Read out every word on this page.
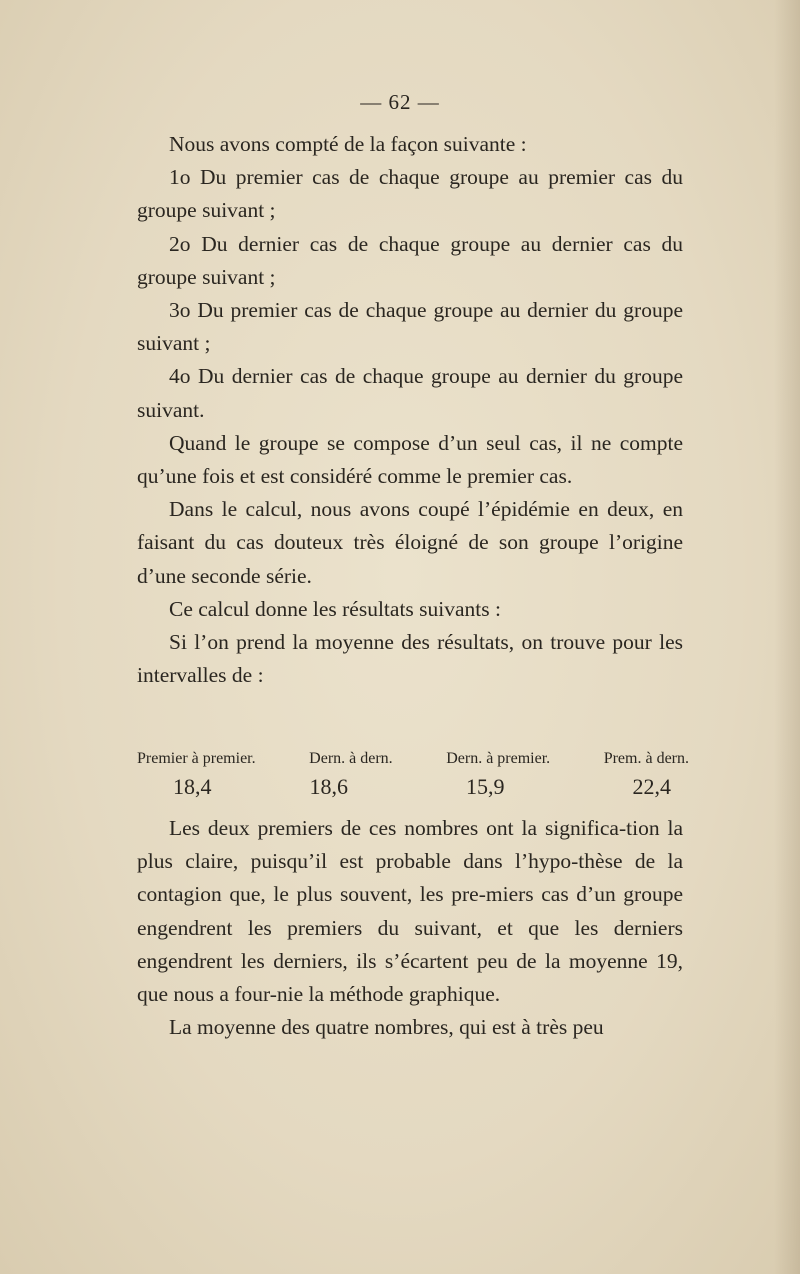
— 62 —

Nous avons compté de la façon suivante :

1o Du premier cas de chaque groupe au premier cas du groupe suivant ;

2o Du dernier cas de chaque groupe au dernier cas du groupe suivant ;

3o Du premier cas de chaque groupe au dernier du groupe suivant ;

4o Du dernier cas de chaque groupe au dernier du groupe suivant.

Quand le groupe se compose d’un seul cas, il ne compte qu’une fois et est considéré comme le premier cas.

Dans le calcul, nous avons coupé l’épidémie en deux, en faisant du cas douteux très éloigné de son groupe l’origine d’une seconde série.

Ce calcul donne les résultats suivants :

Si l’on prend la moyenne des résultats, on trouve pour les intervalles de :

Premier à premier.	Dern. à dern.	Dern. à premier.	Prem. à dern.
18,4	18,6	15,9	22,4

Les deux premiers de ces nombres ont la significa-tion la plus claire, puisqu’il est probable dans l’hypo-thèse de la contagion que, le plus souvent, les pre-miers cas d’un groupe engendrent les premiers du suivant, et que les derniers engendrent les derniers, ils s’écartent peu de la moyenne 19, que nous a four-nie la méthode graphique.

La moyenne des quatre nombres, qui est à très peu
